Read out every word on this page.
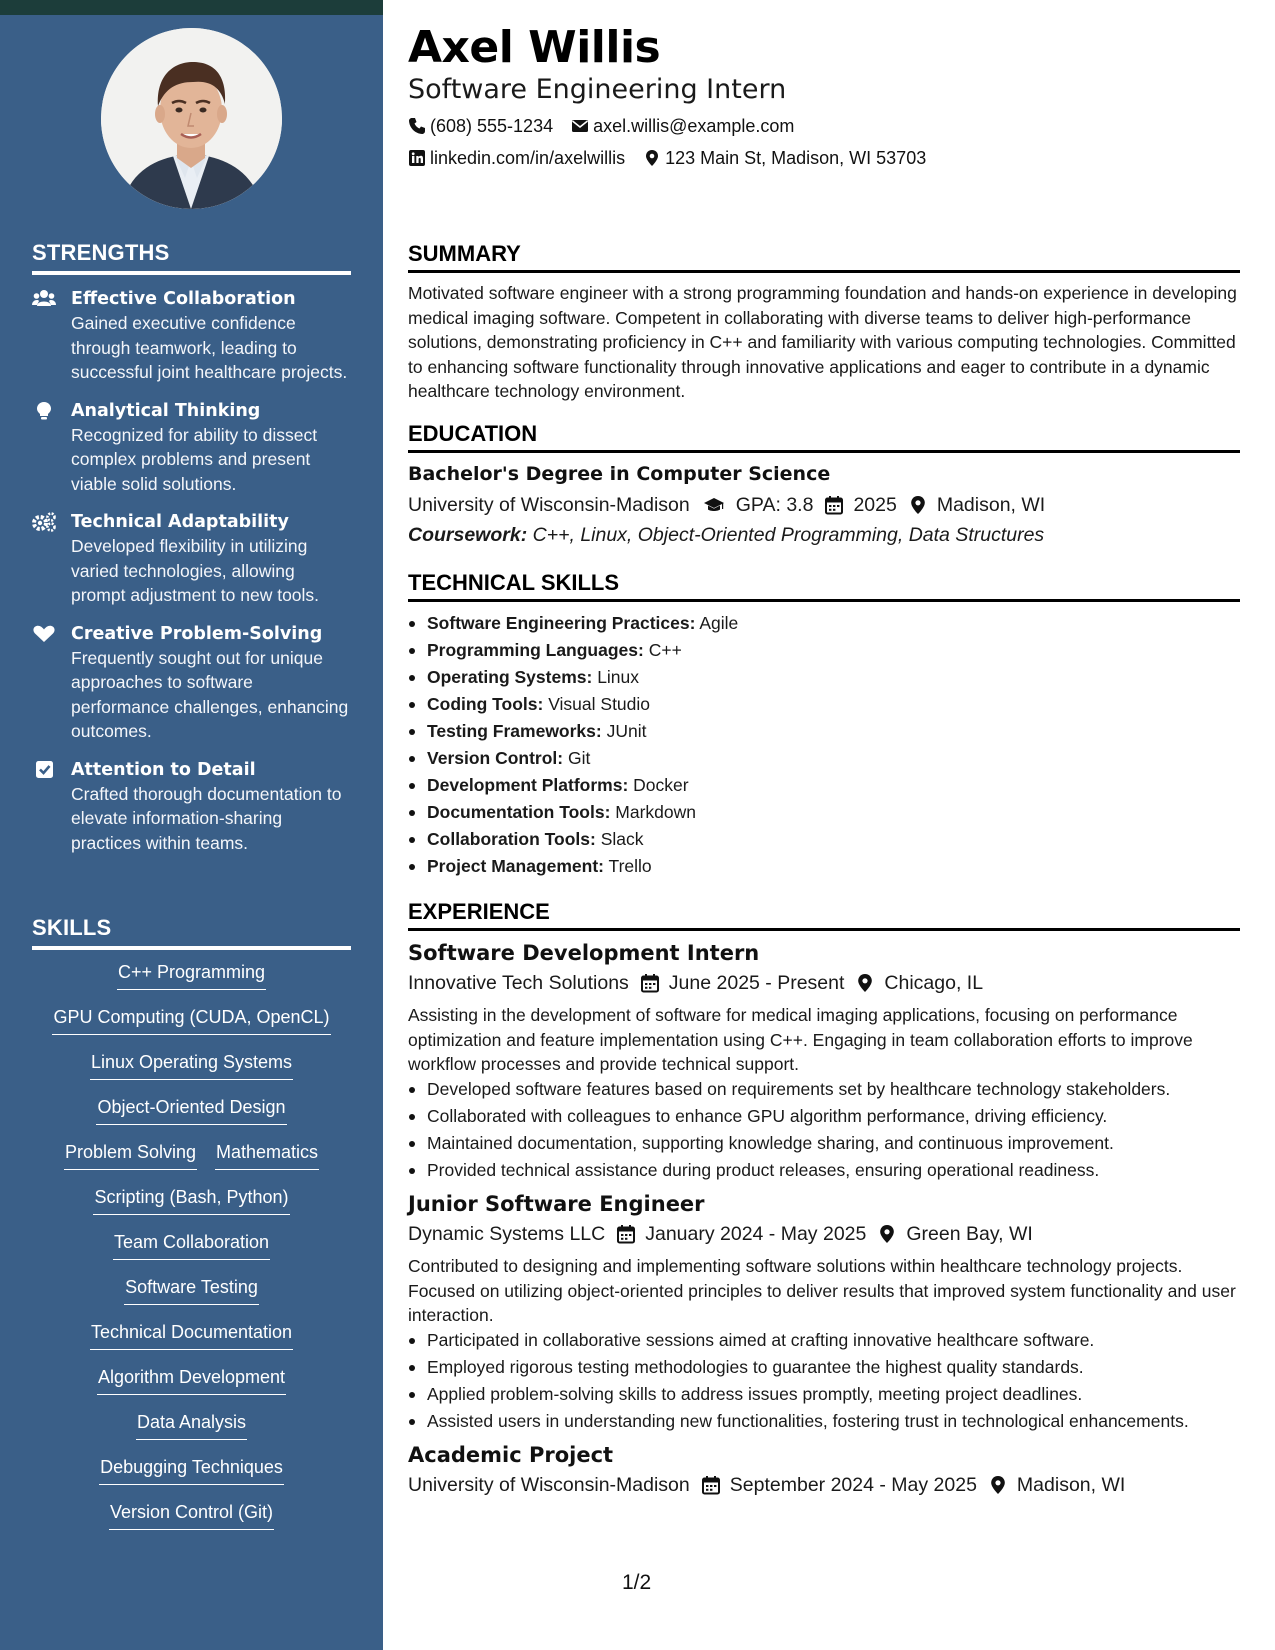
STRENGTHS
Effective Collaboration
Gained executive confidence through teamwork, leading to successful joint healthcare projects.
Analytical Thinking
Recognized for ability to dissect complex problems and present viable solid solutions.
Technical Adaptability
Developed flexibility in utilizing varied technologies, allowing prompt adjustment to new tools.
Creative Problem-Solving
Frequently sought out for unique approaches to software performance challenges, enhancing outcomes.
Attention to Detail
Crafted thorough documentation to elevate information-sharing practices within teams.
SKILLS
C++ Programming
GPU Computing (CUDA, OpenCL)
Linux Operating Systems
Object-Oriented Design
Problem Solving Mathematics
Scripting (Bash, Python)
Team Collaboration
Software Testing
Technical Documentation
Algorithm Development
Data Analysis
Debugging Techniques
Version Control (Git)
Axel Willis
Software Engineering Intern
(608) 555-1234 axel.willis@example.com
linkedin.com/in/axelwillis 123 Main St, Madison, WI 53703
SUMMARY

Motivated software engineer with a strong programming foundation and hands-on experience in developing medical imaging software. Competent in collaborating with diverse teams to deliver high-performance solutions, demonstrating proficiency in C++ and familiarity with various computing technologies. Committed to enhancing software functionality through innovative applications and eager to contribute in a dynamic healthcare technology environment.

EDUCATION
Bachelor's Degree in Computer Science
University of Wisconsin-Madison GPA: 3.8 2025 Madison, WI
Coursework: C++, Linux, Object-Oriented Programming, Data Structures
TECHNICAL SKILLS
Software Engineering Practices: Agile
Programming Languages: C++
Operating Systems: Linux
Coding Tools: Visual Studio
Testing Frameworks: JUnit
Version Control: Git
Development Platforms: Docker
Documentation Tools: Markdown
Collaboration Tools: Slack
Project Management: Trello
EXPERIENCE
Software Development Intern
Innovative Tech Solutions June 2025 - Present Chicago, IL

Assisting in the development of software for medical imaging applications, focusing on performance optimization and feature implementation using C++. Engaging in team collaboration efforts to improve workflow processes and provide technical support.

Developed software features based on requirements set by healthcare technology stakeholders.
Collaborated with colleagues to enhance GPU algorithm performance, driving efficiency.
Maintained documentation, supporting knowledge sharing, and continuous improvement.
Provided technical assistance during product releases, ensuring operational readiness.
Junior Software Engineer
Dynamic Systems LLC January 2024 - May 2025 Green Bay, WI

Contributed to designing and implementing software solutions within healthcare technology projects. Focused on utilizing object-oriented principles to deliver results that improved system functionality and user interaction.

Participated in collaborative sessions aimed at crafting innovative healthcare software.
Employed rigorous testing methodologies to guarantee the highest quality standards.
Applied problem-solving skills to address issues promptly, meeting project deadlines.
Assisted users in understanding new functionalities, fostering trust in technological enhancements.
Academic Project
University of Wisconsin-Madison September 2024 - May 2025 Madison, WI
1/2
